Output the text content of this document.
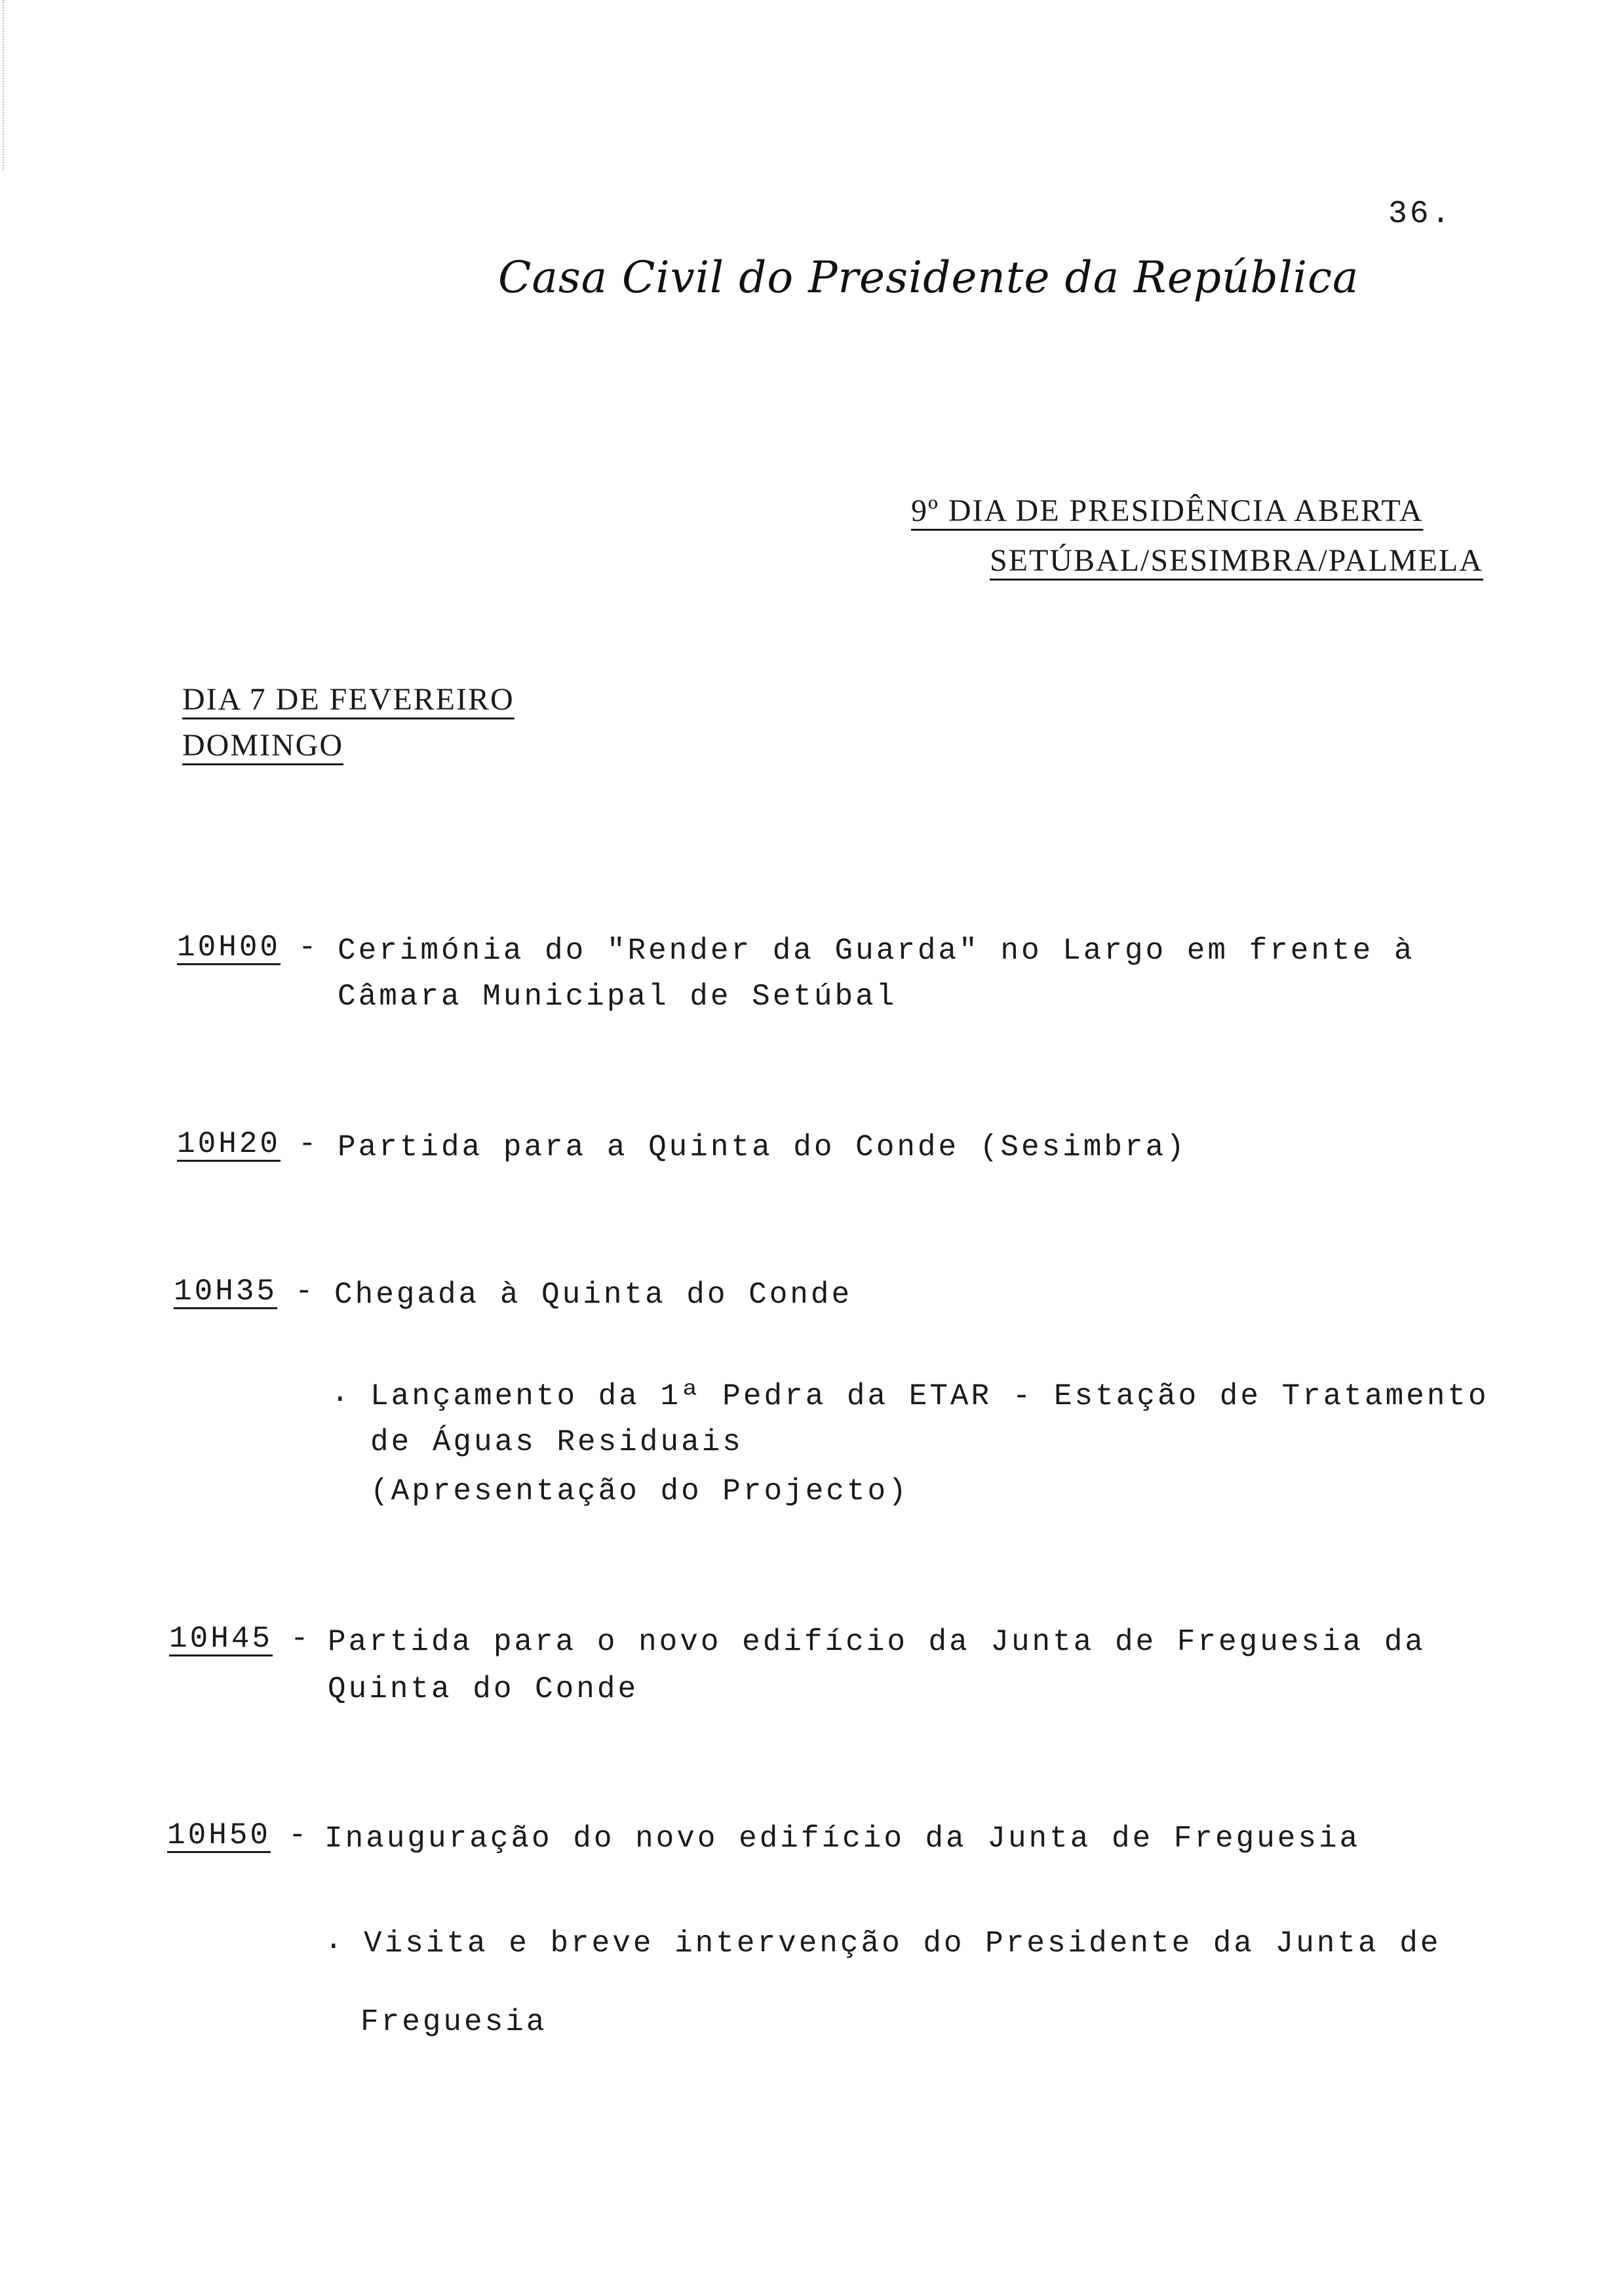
36.
Casa Civil do Presidente da República
9º DIA DE PRESIDÊNCIA ABERTA
SETÚBAL/SESIMBRA/PALMELA
DIA 7 DE FEVEREIRO
DOMINGO
10H00 - Cerimónia do "Render da Guarda" no Largo em frente à
Câmara Municipal de Setúbal
10H20 - Partida para a Quinta do Conde (Sesimbra)
10H35 - Chegada à Quinta do Conde
. Lançamento da 1ª Pedra da ETAR - Estação de Tratamento
de Águas Residuais
(Apresentação do Projecto)
10H45 - Partida para o novo edifício da Junta de Freguesia da
Quinta do Conde
10H50 - Inauguração do novo edifício da Junta de Freguesia
. Visita e breve intervenção do Presidente da Junta de
Freguesia
